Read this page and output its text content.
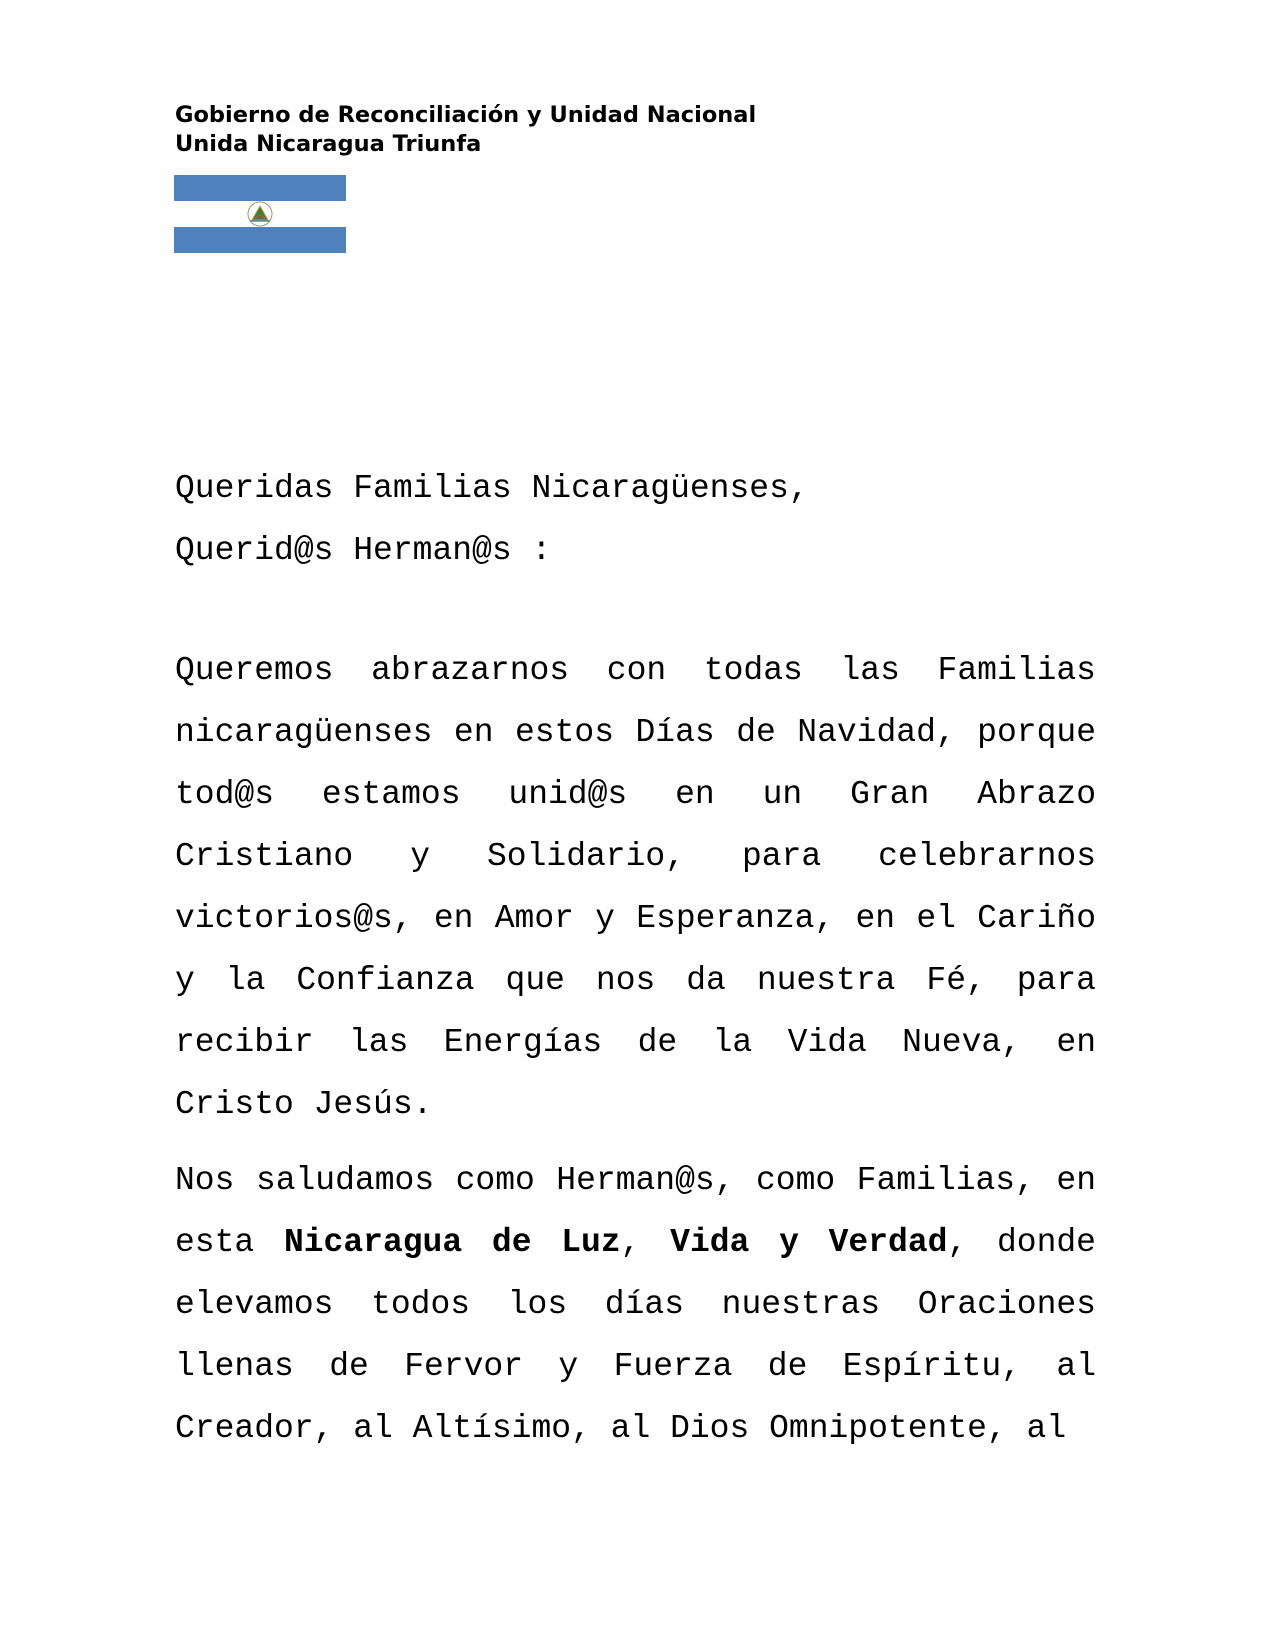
Gobierno de Reconciliación y Unidad Nacional
Unida Nicaragua Triunfa
Queridas Familias Nicaragüenses,
Querid@s Herman@s :
Queremos abrazarnos con todas las Familias nicaragüenses en estos Días de Navidad, porque tod@s estamos unid@s en un Gran Abrazo Cristiano y Solidario, para celebrarnos victorios@s, en Amor y Esperanza, en el Cariño y la Confianza que nos da nuestra Fé, para recibir las Energías de la Vida Nueva, en Cristo Jesús.
Nos saludamos como Herman@s, como Familias, en esta Nicaragua de Luz, Vida y Verdad, donde elevamos todos los días nuestras Oraciones llenas de Fervor y Fuerza de Espíritu, al Creador, al Altísimo, al Dios Omnipotente, al
